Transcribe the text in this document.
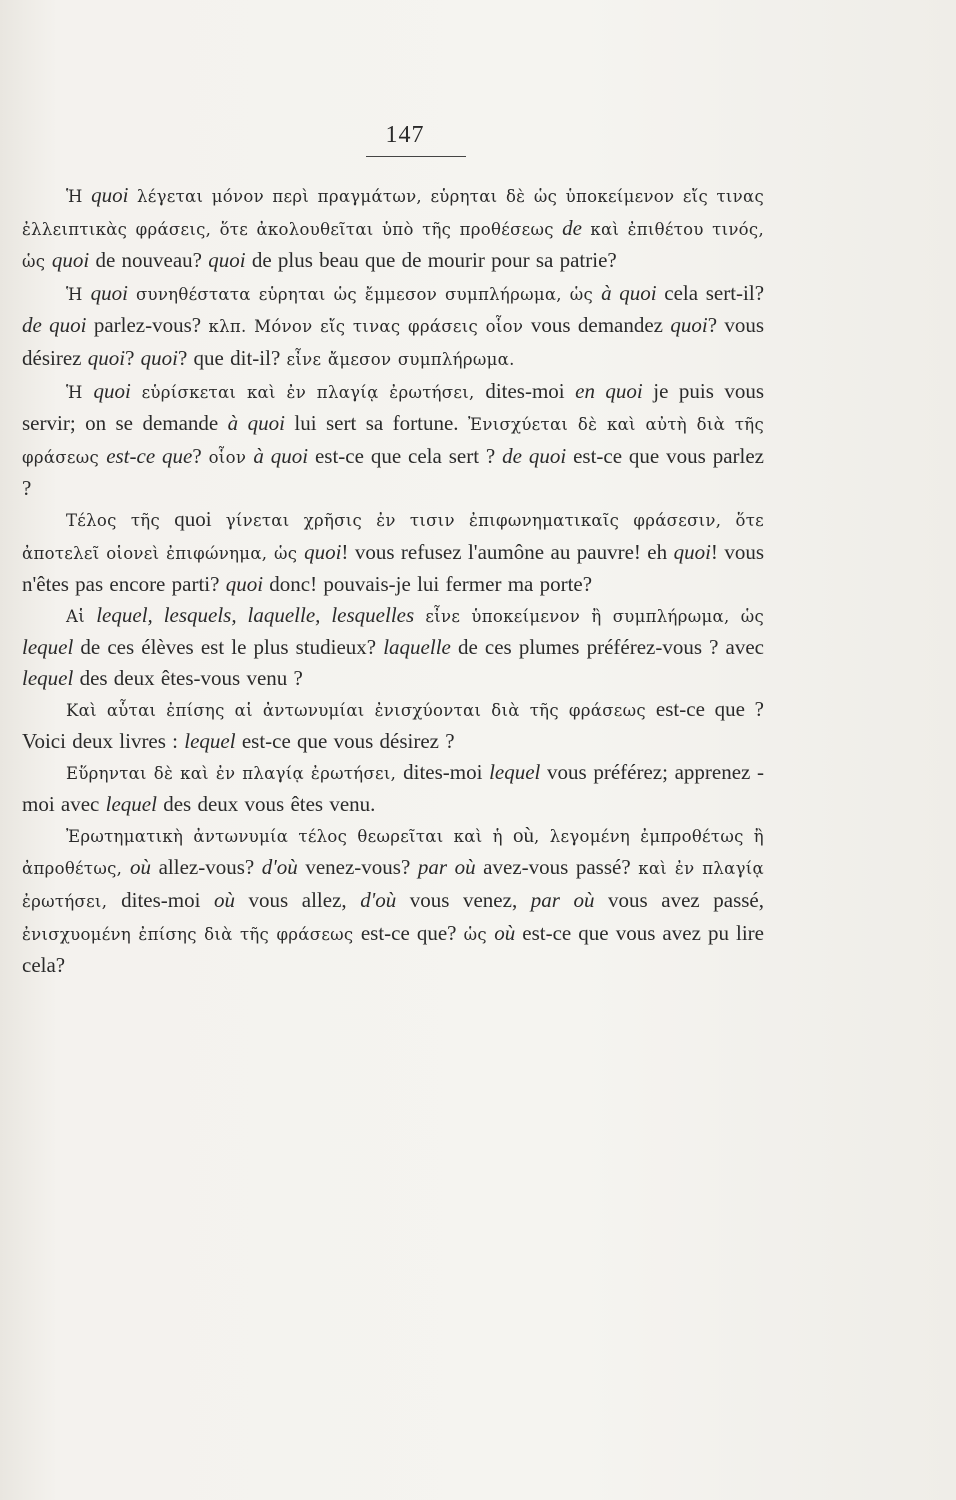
147

Ἡ quoi λέγεται μόνον περὶ πραγμάτων, εὑρηται δὲ ὡς ὑποκείμενον εἴς τινας ἐλλειπτικὰς φράσεις, ὅτε ἀκολουθεῖται ὑπὸ τῆς προθέσεως de καὶ ἐπιθέτου τινός, ὡς quoi de nouveau? quoi de plus beau que de mourir pour sa patrie?

Ἡ quoi συνηθέστατα εὑρηται ὡς ἔμμεσον συμπλήρωμα, ὡς à quoi cela sert-il? de quoi parlez-vous? κλπ. Μόνον εἴς τινας φράσεις οἷον vous demandez quoi? vous désirez quoi? quoi? que dit-il? εἶνε ἄμεσον συμπλήρωμα.

Ἡ quoi εὑρίσκεται καὶ ἐν πλαγίᾳ ἐρωτήσει, dites-moi en quoi je puis vous servir; on se demande à quoi lui sert sa fortune. Ἐνισχύεται δὲ καὶ αὐτὴ διὰ τῆς φράσεως est-ce que? οἷον à quoi est-ce que cela sert ? de quoi est-ce que vous parlez ?

Τέλος τῆς quoi γίνεται χρῆσις ἐν τισιν ἐπιφωνηματικαῖς φράσεσιν, ὅτε ἀποτελεῖ οἱονεὶ ἐπιφώνημα, ὡς quoi! vous refusez l'aumône au pauvre! eh quoi! vous n'êtes pas encore parti? quoi donc! pouvais-je lui fermer ma porte?

Αἱ lequel, lesquels, laquelle, lesquelles εἶνε ὑποκείμενον ἢ συμπλήρωμα, ὡς lequel de ces élèves est le plus studieux? laquelle de ces plumes préférez-vous ? avec lequel des deux êtes-vous venu ?

Καὶ αὗται ἐπίσης αἱ ἀντωνυμίαι ἐνισχύονται διὰ τῆς φράσεως est-ce que ? Voici deux livres : lequel est-ce que vous désirez ?

Εὕρηνται δὲ καὶ ἐν πλαγίᾳ ἐρωτήσει, dites-moi lequel vous préférez; apprenez - moi avec lequel des deux vous êtes venu.

Ἐρωτηματικὴ ἀντωνυμία τέλος θεωρεῖται καὶ ἡ où, λεγομένη ἐμπροθέτως ἢ ἀπροθέτως, où allez-vous? d'où venez-vous? par où avez-vous passé? καὶ ἐν πλαγίᾳ ἐρωτήσει, dites-moi où vous allez, d'où vous venez, par où vous avez passé, ἐνισχυομένη ἐπίσης διὰ τῆς φράσεως est-ce que? ὡς où est-ce que vous avez pu lire cela?
